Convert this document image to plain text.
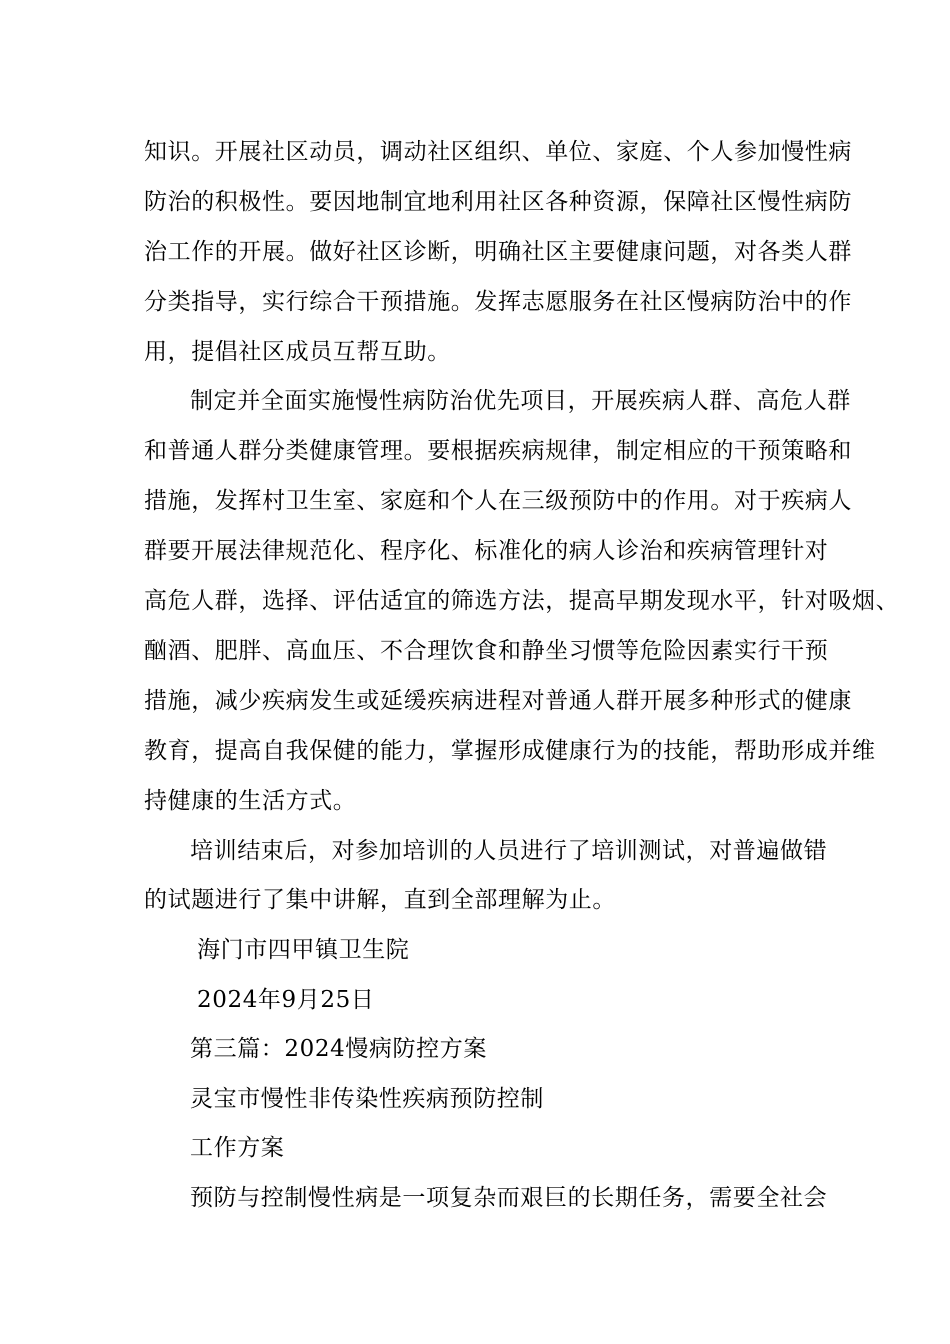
知识。开展社区动员，调动社区组织、单位、家庭、个人参加慢性病
防治的积极性。要因地制宜地利用社区各种资源，保障社区慢性病防
治工作的开展。做好社区诊断，明确社区主要健康问题，对各类人群
分类指导，实行综合干预措施。发挥志愿服务在社区慢病防治中的作
用，提倡社区成员互帮互助。
制定并全面实施慢性病防治优先项目，开展疾病人群、高危人群
和普通人群分类健康管理。要根据疾病规律，制定相应的干预策略和
措施，发挥村卫生室、家庭和个人在三级预防中的作用。对于疾病人
群要开展法律规范化、程序化、标准化的病人诊治和疾病管理针对
高危人群，选择、评估适宜的筛选方法，提高早期发现水平，针对吸烟、
酗酒、肥胖、高血压、不合理饮食和静坐习惯等危险因素实行干预
措施，减少疾病发生或延缓疾病进程对普通人群开展多种形式的健康
教育，提高自我保健的能力，掌握形成健康行为的技能，帮助形成并维
持健康的生活方式。
培训结束后，对参加培训的人员进行了培训测试，对普遍做错
的试题进行了集中讲解，直到全部理解为止。
海门市四甲镇卫生院
2024年9月25日
第三篇：2024慢病防控方案
灵宝市慢性非传染性疾病预防控制
工作方案
预防与控制慢性病是一项复杂而艰巨的长期任务，需要全社会
